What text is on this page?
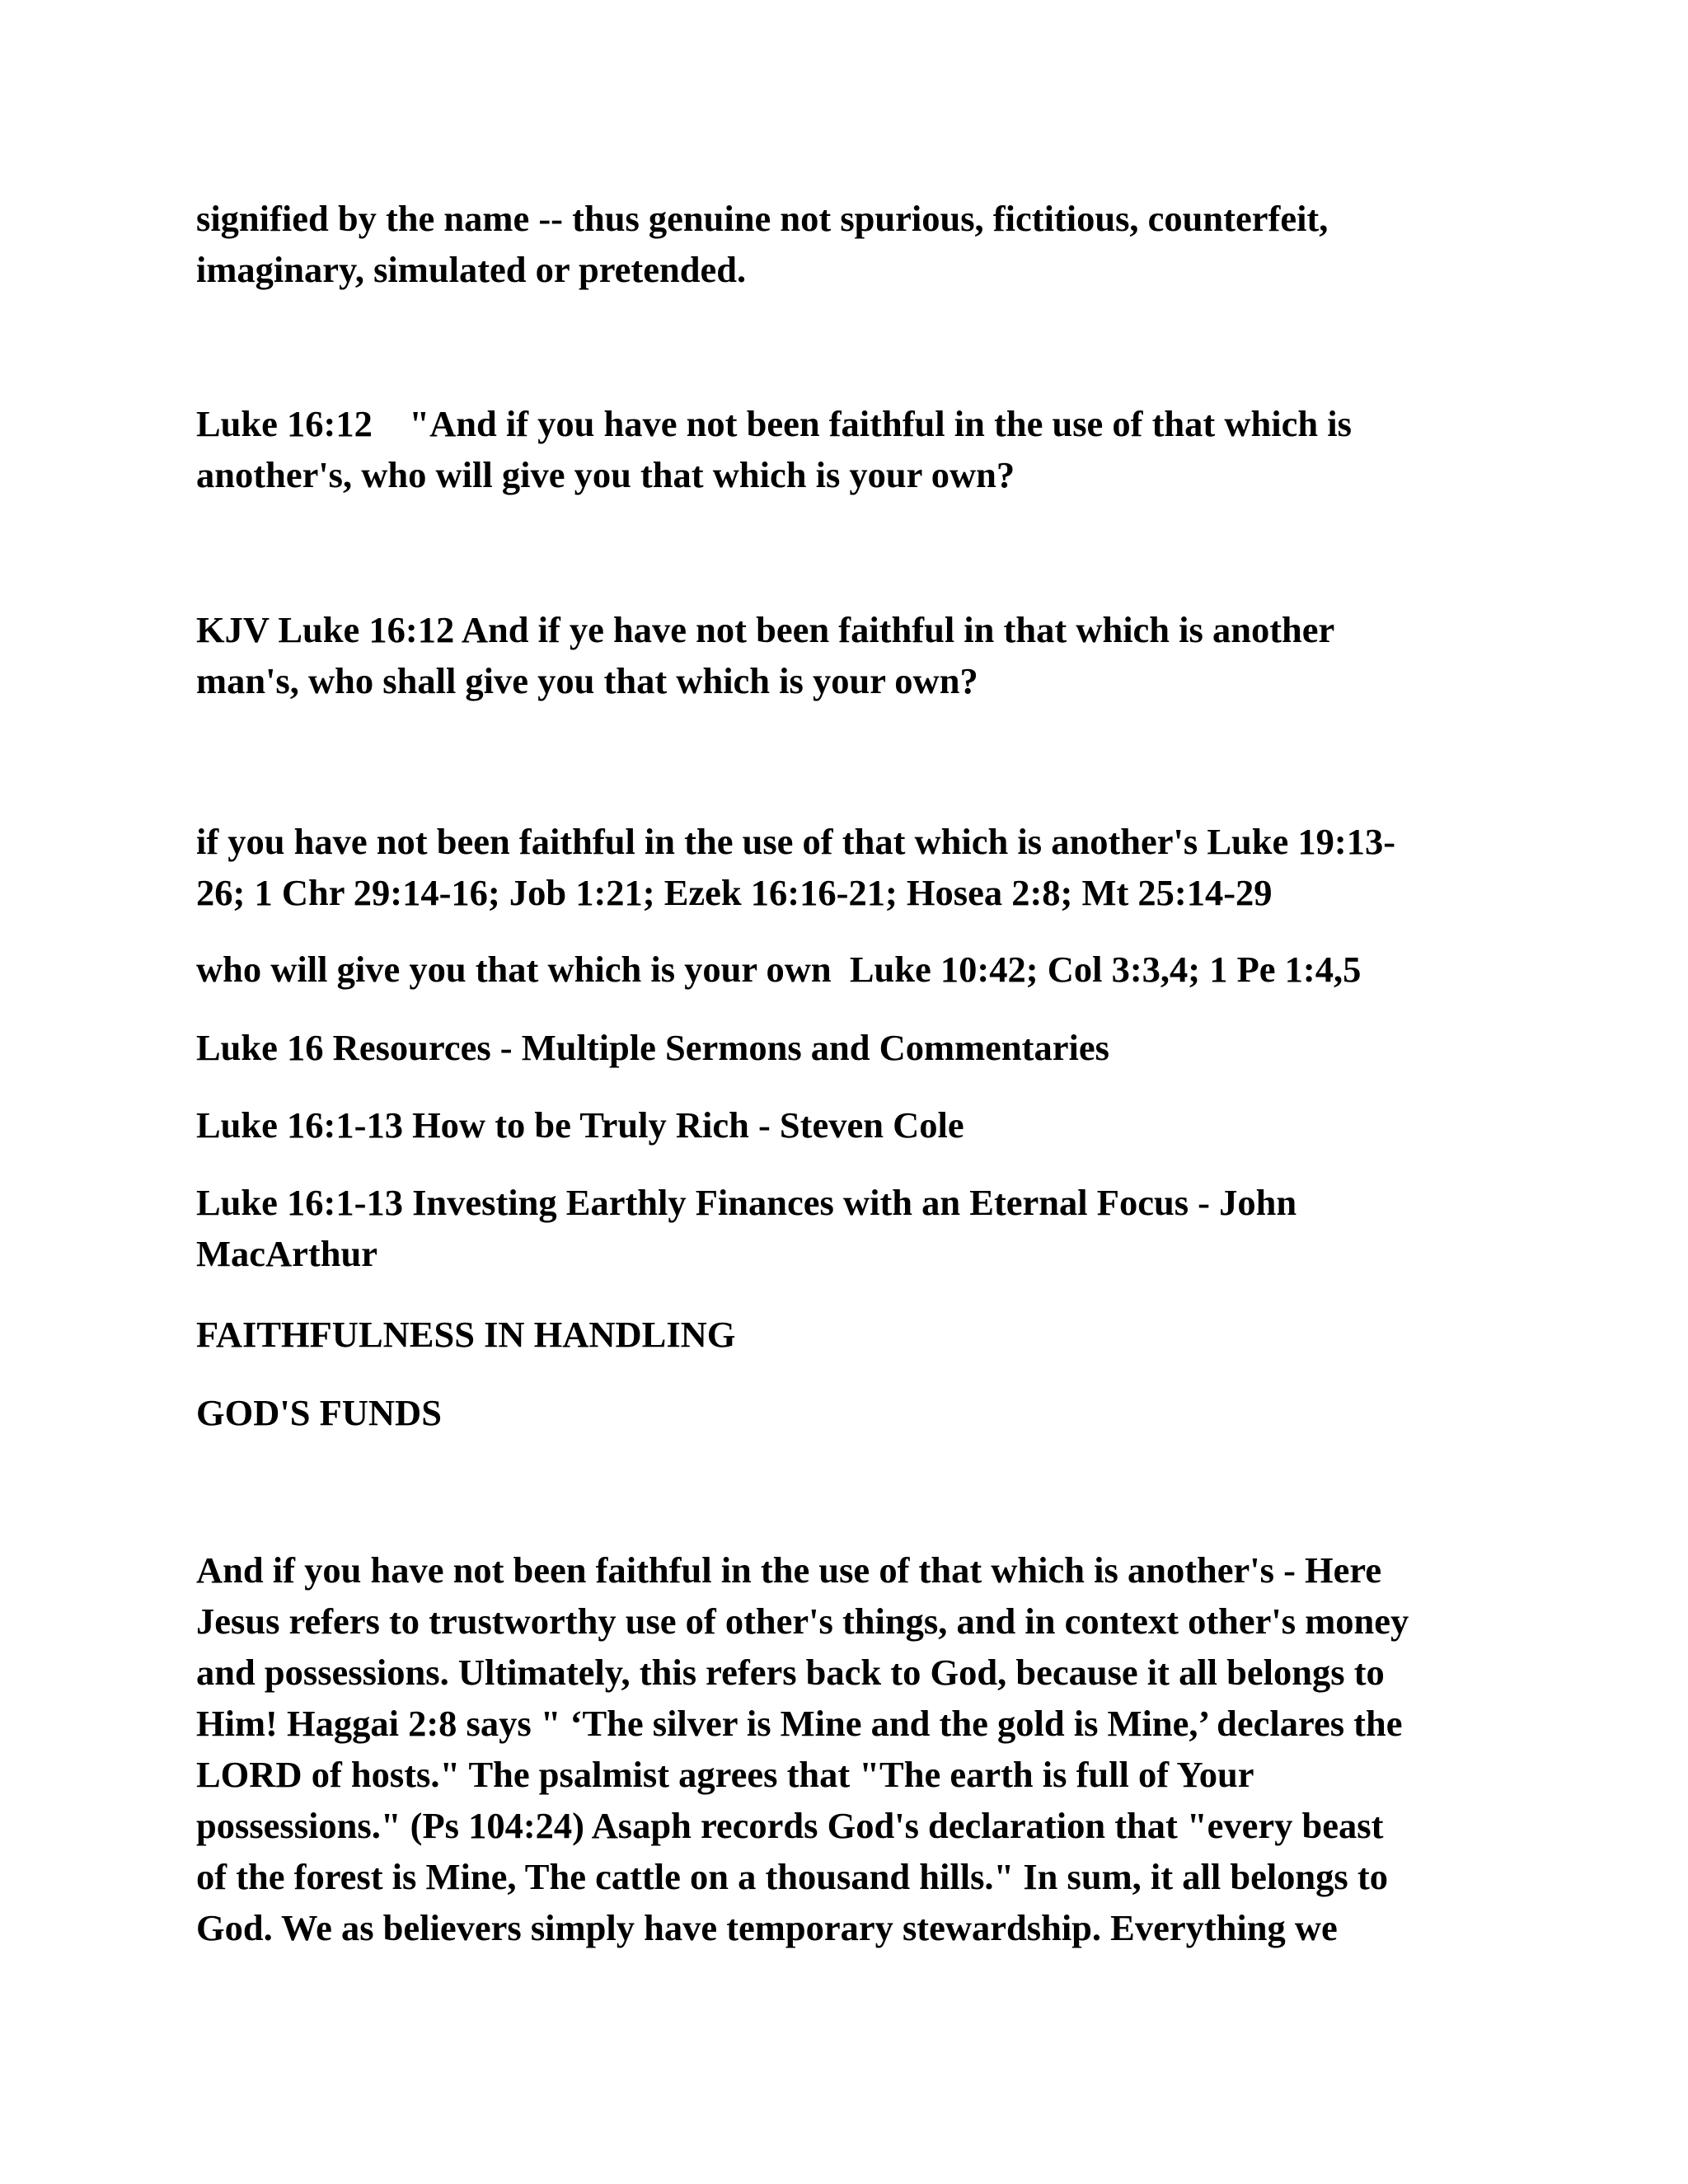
signified by the name -- thus genuine not spurious, fictitious, counterfeit,
imaginary, simulated or pretended.
Luke 16:12    "And if you have not been faithful in the use of that which is
another's, who will give you that which is your own?
KJV Luke 16:12 And if ye have not been faithful in that which is another
man's, who shall give you that which is your own?
if you have not been faithful in the use of that which is another's Luke 19:13-
26; 1 Chr 29:14-16; Job 1:21; Ezek 16:16-21; Hosea 2:8; Mt 25:14-29
who will give you that which is your own  Luke 10:42; Col 3:3,4; 1 Pe 1:4,5
Luke 16 Resources - Multiple Sermons and Commentaries
Luke 16:1-13 How to be Truly Rich - Steven Cole
Luke 16:1-13 Investing Earthly Finances with an Eternal Focus - John
MacArthur
FAITHFULNESS IN HANDLING
GOD'S FUNDS
And if you have not been faithful in the use of that which is another's - Here
Jesus refers to trustworthy use of other's things, and in context other's money
and possessions. Ultimately, this refers back to God, because it all belongs to
Him! Haggai 2:8 says " ‘The silver is Mine and the gold is Mine,’ declares the
LORD of hosts." The psalmist agrees that "The earth is full of Your
possessions." (Ps 104:24) Asaph records God's declaration that "every beast
of the forest is Mine, The cattle on a thousand hills." In sum, it all belongs to
God. We as believers simply have temporary stewardship. Everything we
